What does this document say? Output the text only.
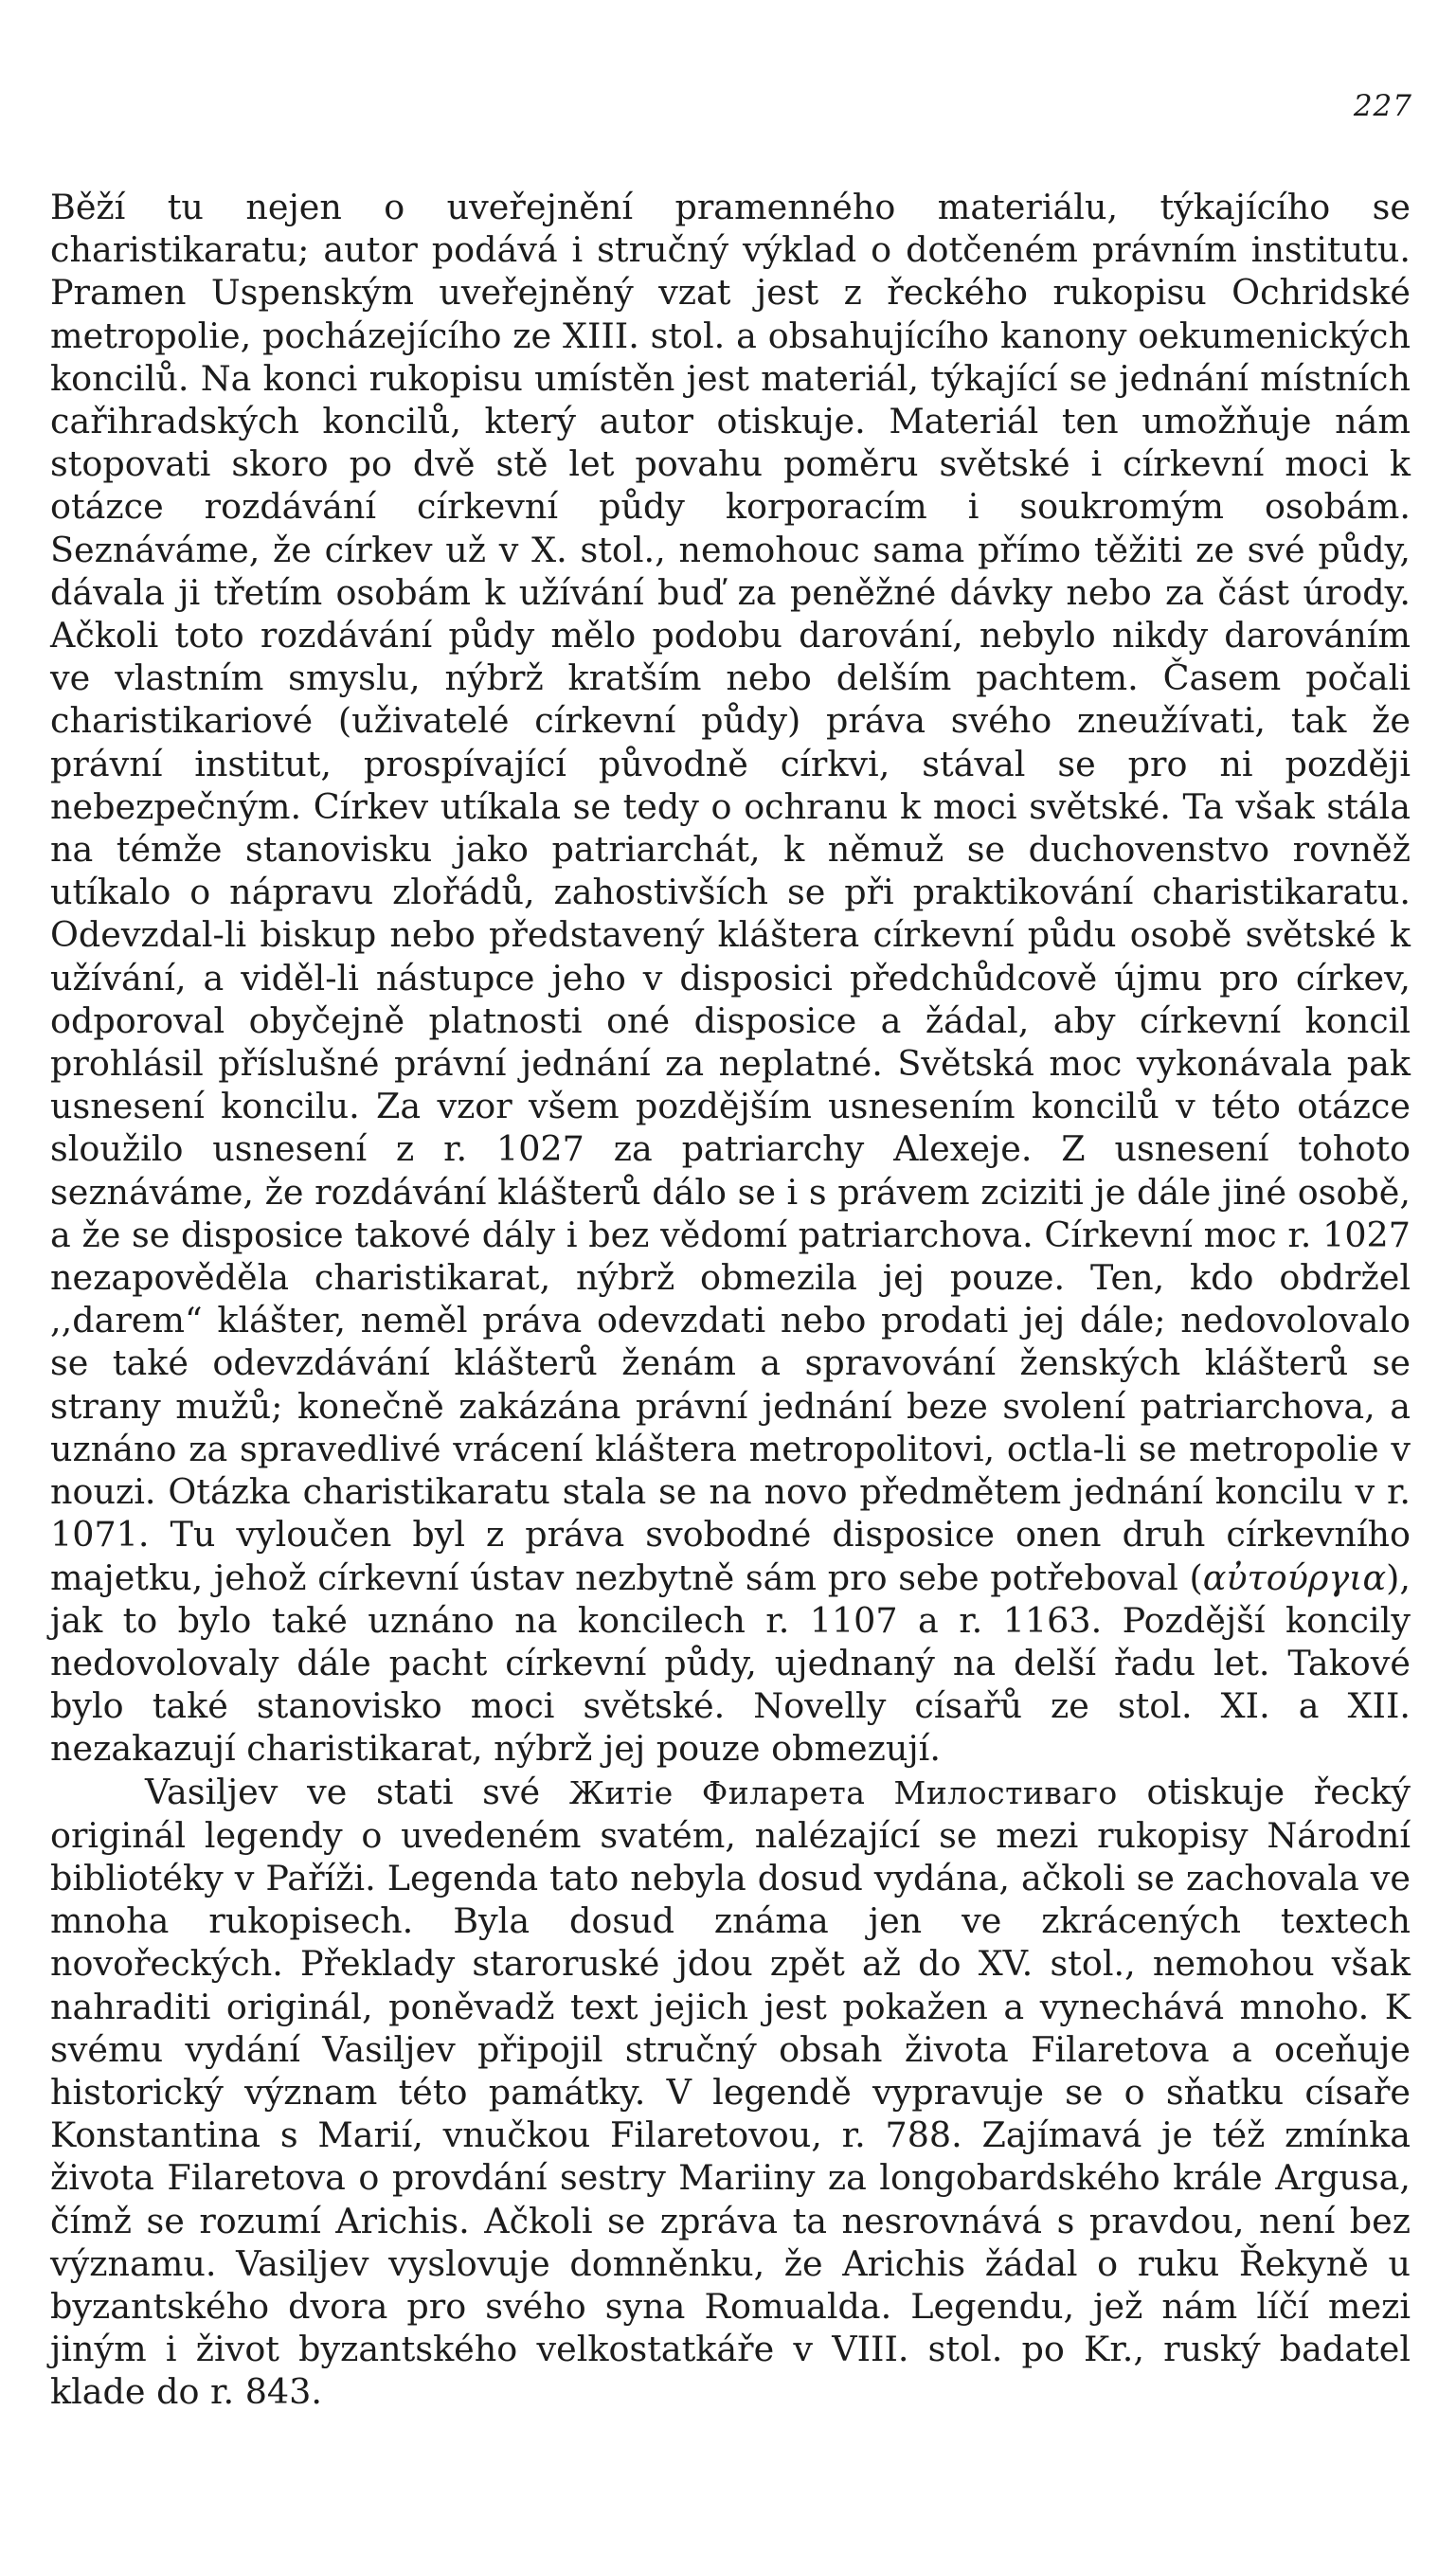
227

Běží tu nejen o uveřejnění pramenného materiálu, týkajícího se charistikaratu; autor podává i stručný výklad o dotčeném právním institutu. Pramen Uspenským uveřejněný vzat jest z řeckého rukopisu Ochridské metropolie, pocházejícího ze XIII. stol. a obsahujícího kanony oekumenických koncilů. Na konci rukopisu umístěn jest materiál, týkající se jednání místních cařihradských koncilů, který autor otiskuje. Materiál ten umožňuje nám stopovati skoro po dvě stě let povahu poměru světské i církevní moci k otázce rozdávání církevní půdy korporacím i soukromým osobám. Seznáváme, že církev už v X. stol., nemohouc sama přímo těžiti ze své půdy, dávala ji třetím osobám k užívání buď za peněžné dávky nebo za část úrody. Ačkoli toto rozdávání půdy mělo podobu darování, nebylo nikdy darováním ve vlastním smyslu, nýbrž kratším nebo delším pachtem. Časem počali charistikariové (uživatelé církevní půdy) práva svého zneužívati, tak že právní institut, prospívající původně církvi, stával se pro ni později nebezpečným. Církev utíkala se tedy o ochranu k moci světské. Ta však stála na témže stanovisku jako patriarchát, k němuž se duchovenstvo rovněž utíkalo o nápravu zlořádů, zahostivších se při praktikování charistikaratu. Odevzdal-li biskup nebo představený kláštera církevní půdu osobě světské k užívání, a viděl-li nástupce jeho v disposici předchůdcově újmu pro církev, odporoval obyčejně platnosti oné disposice a žádal, aby církevní koncil prohlásil příslušné právní jednání za neplatné. Světská moc vykonávala pak usnesení koncilu. Za vzor všem pozdějším usnesením koncilů v této otázce sloužilo usnesení z r. 1027 za patriarchy Alexeje. Z usnesení tohoto seznáváme, že rozdávání klášterů dálo se i s právem zciziti je dále jiné osobě, a že se disposice takové dály i bez vědomí patriarchova. Církevní moc r. 1027 nezapověděla charistikarat, nýbrž obmezila jej pouze. Ten, kdo obdržel ,,darem“ klášter, neměl práva odevzdati nebo prodati jej dále; nedovolovalo se také odevzdávání klášterů ženám a spravování ženských klášterů se strany mužů; konečně zakázána právní jednání beze svolení patriarchova, a uznáno za spravedlivé vrácení kláštera metropolitovi, octla-li se metropolie v nouzi. Otázka charistikaratu stala se na novo předmětem jednání koncilu v r. 1071. Tu vyloučen byl z práva svobodné disposice onen druh církevního majetku, jehož církevní ústav nezbytně sám pro sebe potřeboval (αὐτούργια), jak to bylo také uznáno na koncilech r. 1107 a r. 1163. Pozdější koncily nedovolovaly dále pacht církevní půdy, ujednaný na delší řadu let. Takové bylo také stanovisko moci světské. Novelly císařů ze stol. XI. a XII. nezakazují charistikarat, nýbrž jej pouze obmezují.

Vasiljev ve stati své Житiе Филарета Милостиваго otiskuje řecký originál legendy o uvedeném svatém, nalézající se mezi rukopisy Národní bibliotéky v Paříži. Legenda tato nebyla dosud vydána, ačkoli se zachovala ve mnoha rukopisech. Byla dosud známa jen ve zkrácených textech novořeckých. Překlady staroruské jdou zpět až do XV. stol., nemohou však nahraditi originál, poněvadž text jejich jest pokažen a vynechává mnoho. K svému vydání Vasiljev připojil stručný obsah života Filaretova a oceňuje historický význam této památky. V legendě vypravuje se o sňatku císaře Konstantina s Marií, vnučkou Filaretovou, r. 788. Zajímavá je též zmínka života Filaretova o provdání sestry Mariiny za longobardského krále Argusa, čímž se rozumí Arichis. Ačkoli se zpráva ta nesrovnává s pravdou, není bez významu. Vasiljev vyslovuje domněnku, že Arichis žádal o ruku Řekyně u byzantského dvora pro svého syna Romualda. Legendu, jež nám líčí mezi jiným i život byzantského velkostatkáře v VIII. stol. po Kr., ruský badatel klade do r. 843.
